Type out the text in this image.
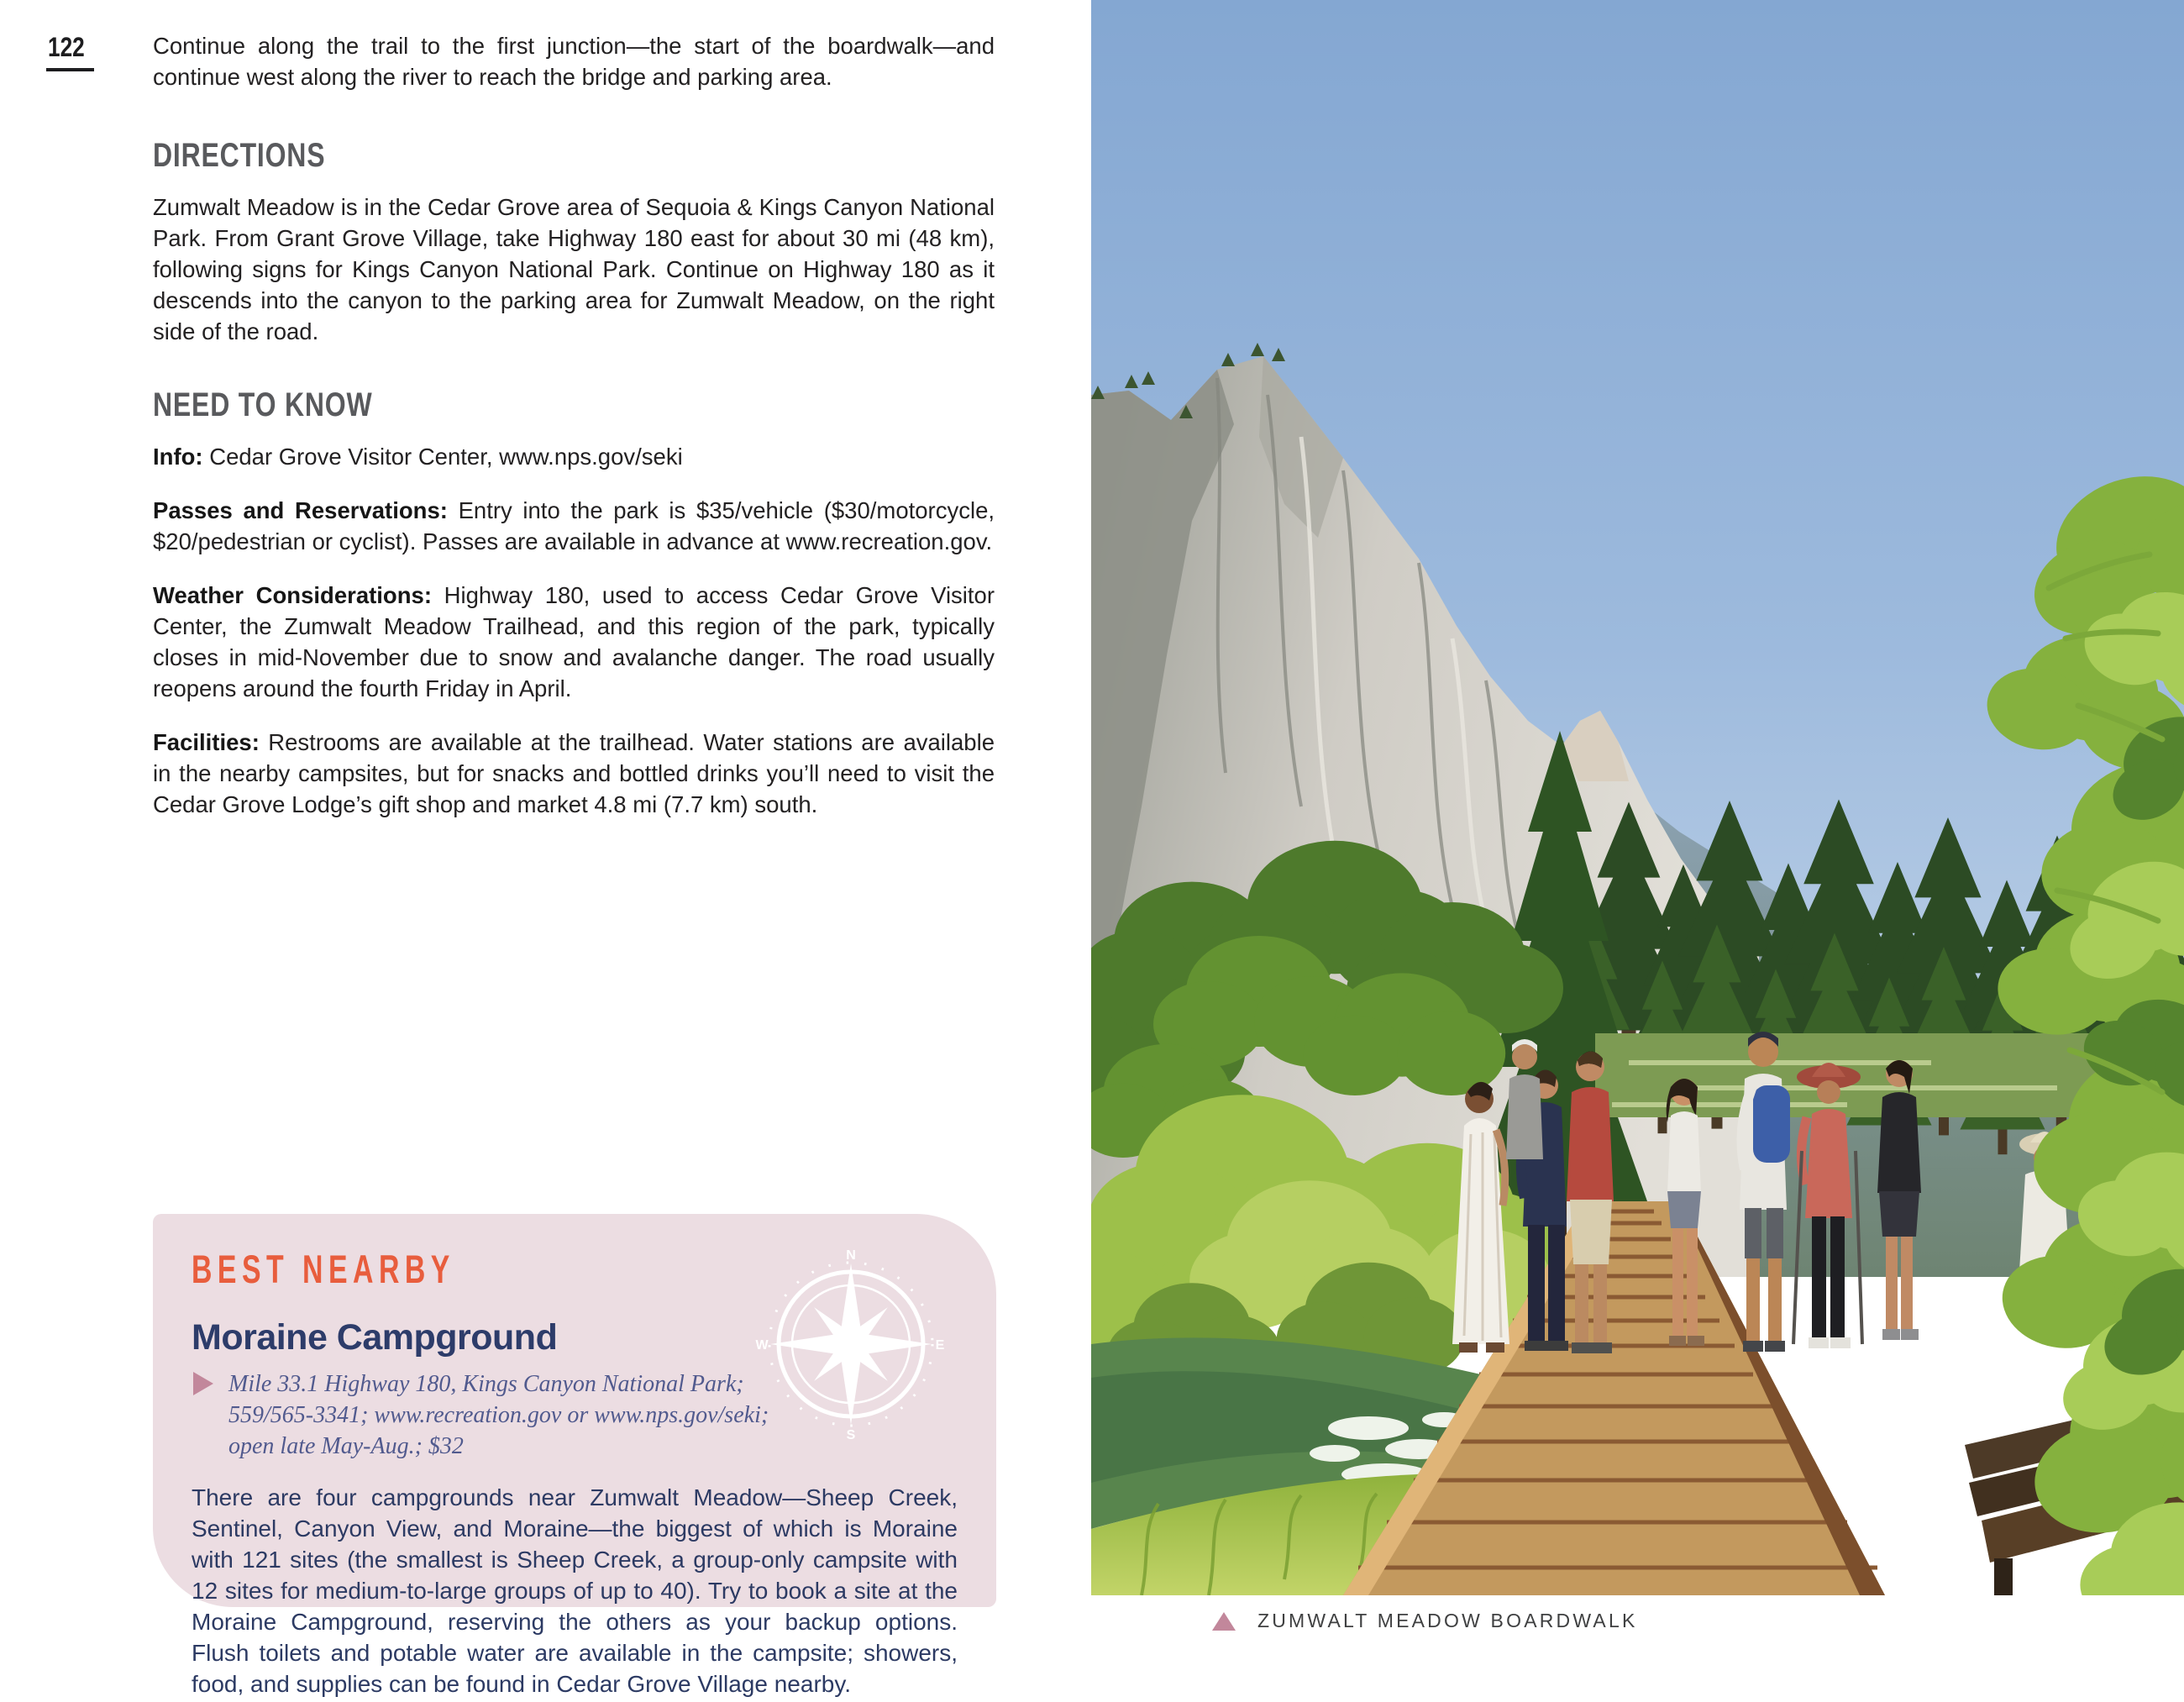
122	Continue along the trail to the first junction—the start of the boardwalk—and continue west along the river to reach the bridge and parking area.

DIRECTIONS

Zumwalt Meadow is in the Cedar Grove area of Sequoia & Kings Canyon National Park. From Grant Grove Village, take Highway 180 east for about 30 mi (48 km), following signs for Kings Canyon National Park. Continue on Highway 180 as it descends into the canyon to the parking area for Zumwalt Meadow, on the right side of the road.

NEED TO KNOW

Info: Cedar Grove Visitor Center, www.nps.gov/seki

Passes and Reservations: Entry into the park is $35/vehicle ($30/motorcycle, $20/pedestrian or cyclist). Passes are available in advance at www.recreation.gov.

Weather Considerations: Highway 180, used to access Cedar Grove Visitor Center, the Zumwalt Meadow Trailhead, and this region of the park, typically closes in mid-November due to snow and avalanche danger. The road usually reopens around the fourth Friday in April.

Facilities: Restrooms are available at the trailhead. Water stations are available in the nearby campsites, but for snacks and bottled drinks you’ll need to visit the Cedar Grove Lodge’s gift shop and market 4.8 mi (7.7 km) south.

BEST NEARBY	N
S
W	E
Moraine Campground
Mile 33.1 Highway 180, Kings Canyon National Park; 559/565-3341; www.recreation.gov or www.nps.gov/seki; open late May-Aug.; $32

There are four campgrounds near Zumwalt Meadow—Sheep Creek, Sentinel, Canyon View, and Moraine—the biggest of which is Moraine with 121 sites (the smallest is Sheep Creek, a group-only campsite with 12 sites for medium-to-large groups of up to 40). Try to book a site at the Moraine Campground, reserving the others as your backup options. Flush toilets and potable water are available in the campsite; showers, food, and supplies can be found in Cedar Grove Village nearby.

ZUMWALT MEADOW BOARDWALK
